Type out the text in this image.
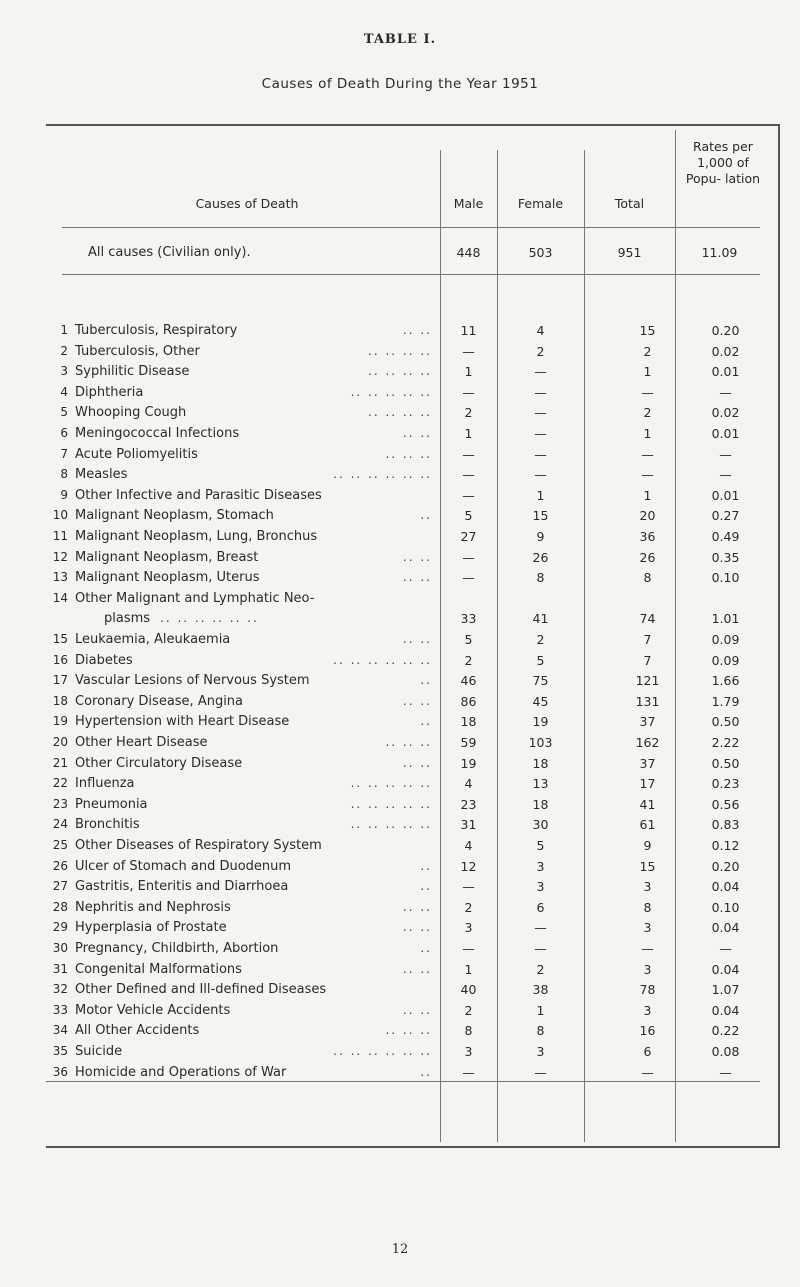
TABLE I.
Causes of Death During the Year 1951
Causes of Death	Male	Female	Total
Rates per 1,000 of Popu- lation
All causes (Civilian only).	448	503	951	11.09
1 Tuberculosis, Respiratory	.. ..	11	4	15	0.20
2 Tuberculosis, Other	.. .. .. ..	—	2	2	0.02
3 Syphilitic Disease	.. .. .. ..	1	—	1	0.01
4 Diphtheria	.. .. .. .. ..	—	—	—	—
5 Whooping Cough	.. .. .. ..	2	—	2	0.02
6 Meningococcal Infections	.. ..	1	—	1	0.01
7 Acute Poliomyelitis	.. .. ..	—	—	—	—
8 Measles	.. .. .. .. .. ..	—	—	—	—
9 Other Infective and Parasitic Diseases	—	1	1	0.01
10 Malignant Neoplasm, Stomach	..	5	15	20	0.27
11 Malignant Neoplasm, Lung, Bronchus	27	9	36	0.49
12 Malignant Neoplasm, Breast	.. ..	—	26	26	0.35
13 Malignant Neoplasm, Uterus	.. ..	—	8	8	0.10
14 Other Malignant and Lymphatic Neo-
plasms .. .. .. .. .. ..	33	41	74	1.01
15 Leukaemia, Aleukaemia	.. ..	5	2	7	0.09
16 Diabetes	.. .. .. .. .. ..	2	5	7	0.09
17 Vascular Lesions of Nervous System	..	46	75	121	1.66
18 Coronary Disease, Angina	.. ..	86	45	131	1.79
19 Hypertension with Heart Disease	..	18	19	37	0.50
20 Other Heart Disease	.. .. ..	59	103	162	2.22
21 Other Circulatory Disease	.. ..	19	18	37	0.50
22 Influenza	.. .. .. .. ..	4	13	17	0.23
23 Pneumonia	.. .. .. .. ..	23	18	41	0.56
24 Bronchitis	.. .. .. .. ..	31	30	61	0.83
25 Other Diseases of Respiratory System	4	5	9	0.12
26 Ulcer of Stomach and Duodenum	..	12	3	15	0.20
27 Gastritis, Enteritis and Diarrhoea	..	—	3	3	0.04
28 Nephritis and Nephrosis	.. ..	2	6	8	0.10
29 Hyperplasia of Prostate	.. ..	3	—	3	0.04
30 Pregnancy, Childbirth, Abortion	..	—	—	—	—
31 Congenital Malformations	.. ..	1	2	3	0.04
32 Other Defined and Ill-defined Diseases	40	38	78	1.07
33 Motor Vehicle Accidents	.. ..	2	1	3	0.04
34 All Other Accidents	.. .. ..	8	8	16	0.22
35 Suicide	.. .. .. .. .. ..	3	3	6	0.08
36 Homicide and Operations of War	..	—	—	—	—
12
